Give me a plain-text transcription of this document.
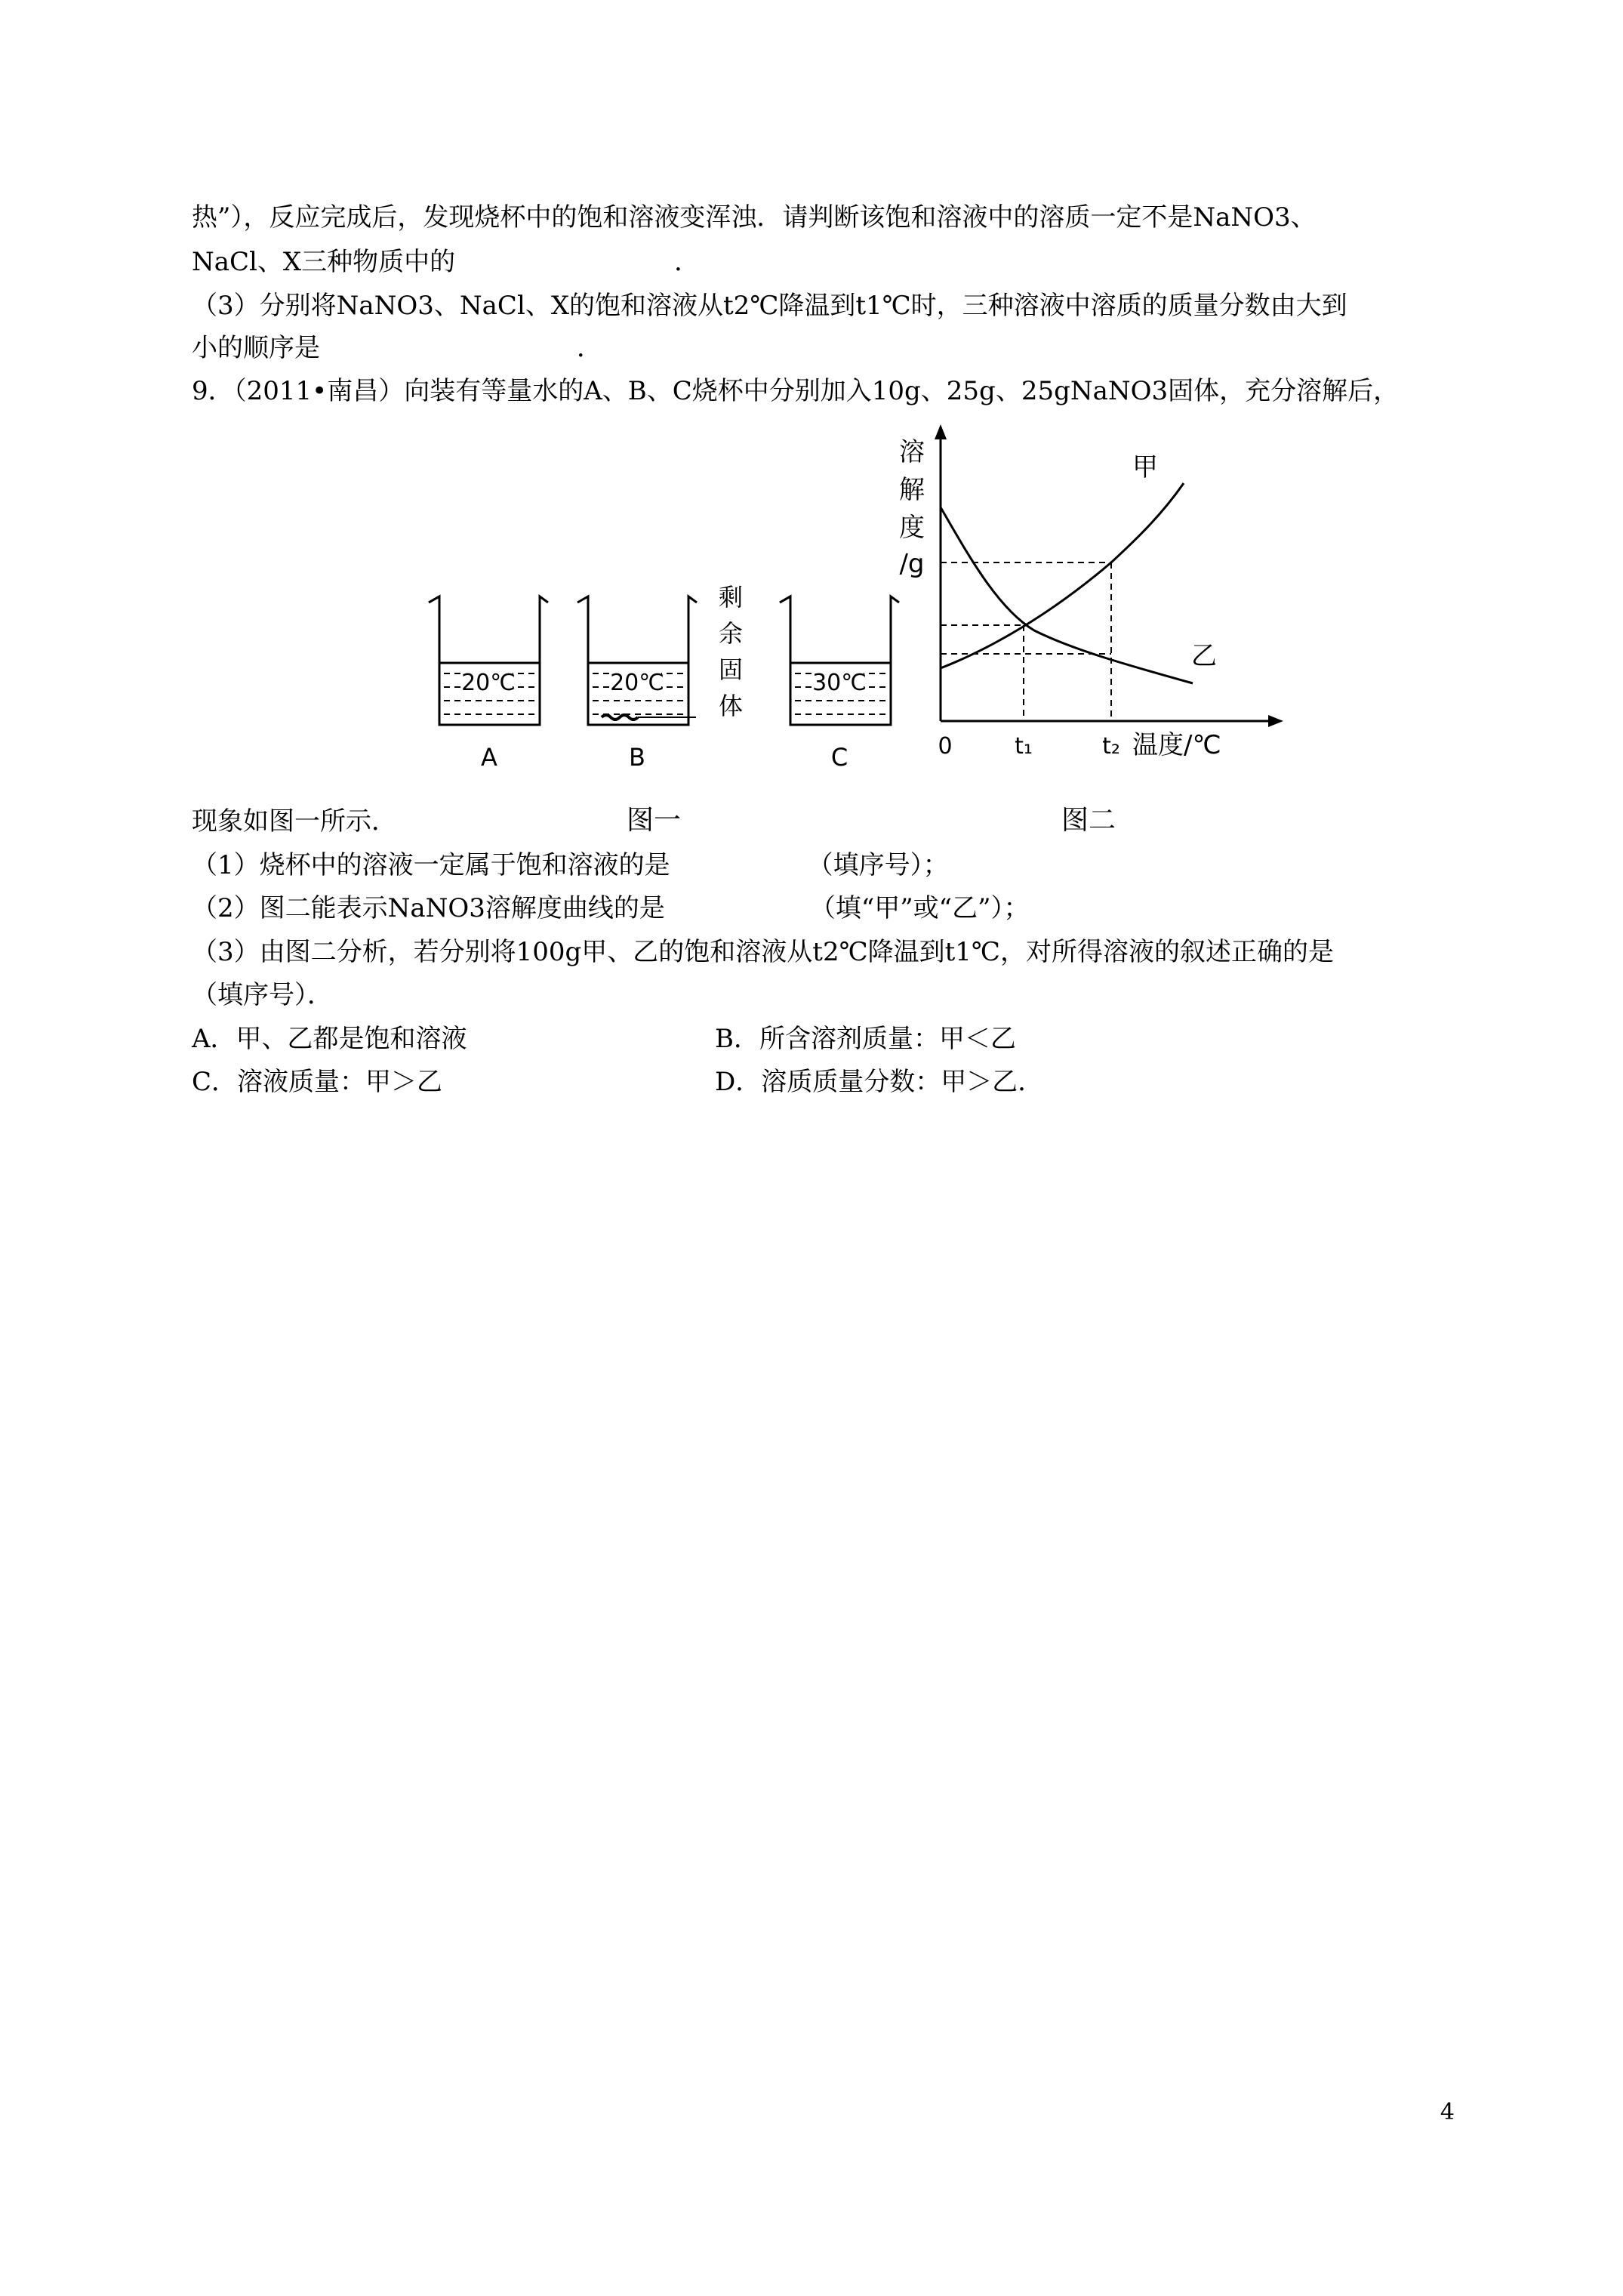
热”），反应完成后，发现烧杯中的饱和溶液变浑浊．请判断该饱和溶液中的溶质一定不是NaNO3、
NaCl、X三种物质中的	．
（3）分别将NaNO3、NaCl、X的饱和溶液从t2℃降温到t1℃时，三种溶液中溶质的质量分数由大到
小的顺序是	．
9．（2011•南昌）向装有等量水的A、B、C烧杯中分别加入10g、25g、25gNaNO3固体，充分溶解后，
20℃
A
20℃
B
剩
余
固
体
30℃
C
溶
解
度
/g
甲
乙
0	t₁	t₂ 温度/℃
图一	图二
现象如图一所示．
（1）烧杯中的溶液一定属于饱和溶液的是	（填序号）；
（2）图二能表示NaNO3溶解度曲线的是	（填“甲”或“乙”）；
（3）由图二分析，若分别将100g甲、乙的饱和溶液从t2℃降温到t1℃，对所得溶液的叙述正确的是
（填序号）．
A．甲、乙都是饱和溶液	B．所含溶剂质量：甲＜乙
C．溶液质量：甲＞乙	D．溶质质量分数：甲＞乙．
4
